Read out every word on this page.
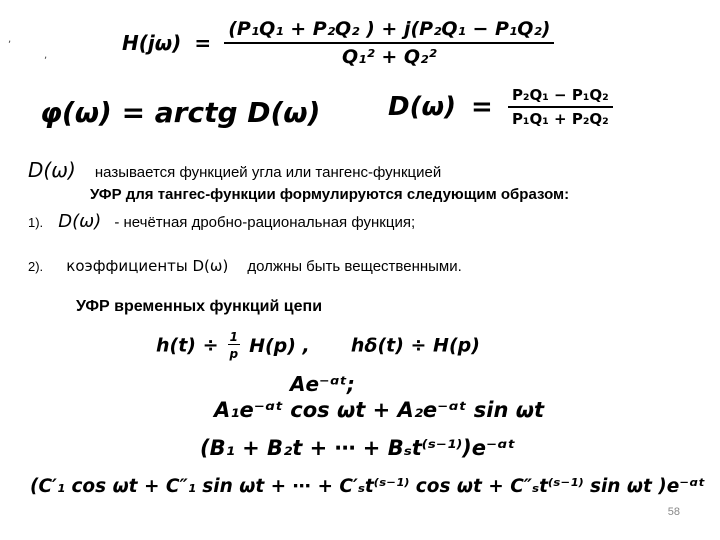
,
,
$H(j\omega) = \frac{\text{(P₁Q₁ + P₂Q₂ ) + j(P₂Q₁ − P₁Q₂)}}{\text{Q₁² + Q₂²}}$
φ(ω) = arctg D(ω)	$D(\omega) = \frac{\text{P₂Q₁ − P₁Q₂}}{\text{P₁Q₁ + P₂Q₂}}$
D(ω) называется функцией угла или тангенс-функцией
УФР для тангес-функции формулируются следующим образом:
1). D(ω) - нечётная дробно-рациональная функция;
2). коэффициенты D(ω) должны быть вещественными.
УФР временных функций цепи
$h(t) \div \frac{1}{p} H(p)$ , hδ(t) ÷ H(p)
Ae⁻ᵅᵗ;
A₁e⁻ᵅᵗ cos ωt + A₂e⁻ᵅᵗ sin ωt
(B₁ + B₂t + ⋯ + Bₛt⁽ˢ⁻¹⁾)e⁻ᵅᵗ
(C′₁ cos ωt + C″₁ sin ωt + ⋯ + C′ₛt⁽ˢ⁻¹⁾ cos ωt + C″ₛt⁽ˢ⁻¹⁾ sin ωt )e⁻ᵅᵗ
58
